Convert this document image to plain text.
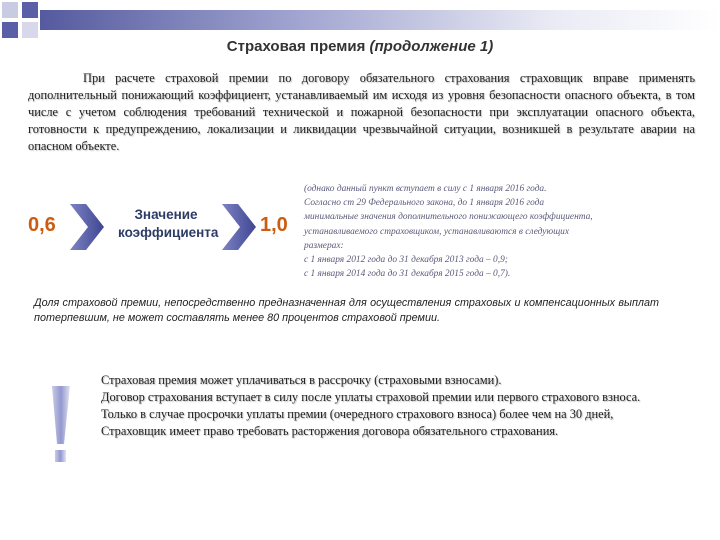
Страховая премия (продолжение 1)
При расчете страховой премии по договору обязательного страхования страховщик вправе применять дополнительный понижающий коэффициент, устанавливаемый им исходя из уровня безопасности опасного объекта, в том числе с учетом соблюдения требований технической и пожарной безопасности при эксплуатации опасного объекта, готовности к предупреждению, локализации и ликвидации чрезвычайной ситуации, возникшей в результате аварии на опасном объекте.
0,6	Значение
коэффициента 1,0
(однако данный пункт вступает в силу с 1 января 2016 года.
Согласно ст 29 Федерального закона, до 1 января 2016 года
минимальные значения дополнительного понижающего коэффициента,
устанавливаемого страховщиком, устанавливаются в следующих
размерах:
с 1 января 2012 года до 31 декабря 2013 года – 0,9;
с 1 января 2014 года до 31 декабря 2015 года – 0,7).
Доля страховой премии, непосредственно предназначенная для осуществления страховых и компенсационных выплат потерпевшим, не может составлять менее 80 процентов страховой премии.
Страховая премия может уплачиваться в рассрочку (страховыми взносами).
Договор страхования вступает в силу после уплаты страховой премии или первого страхового взноса.
Только в случае просрочки уплаты премии (очередного страхового взноса) более чем на 30 дней,
Страховщик имеет право требовать расторжения договора обязательного страхования.
